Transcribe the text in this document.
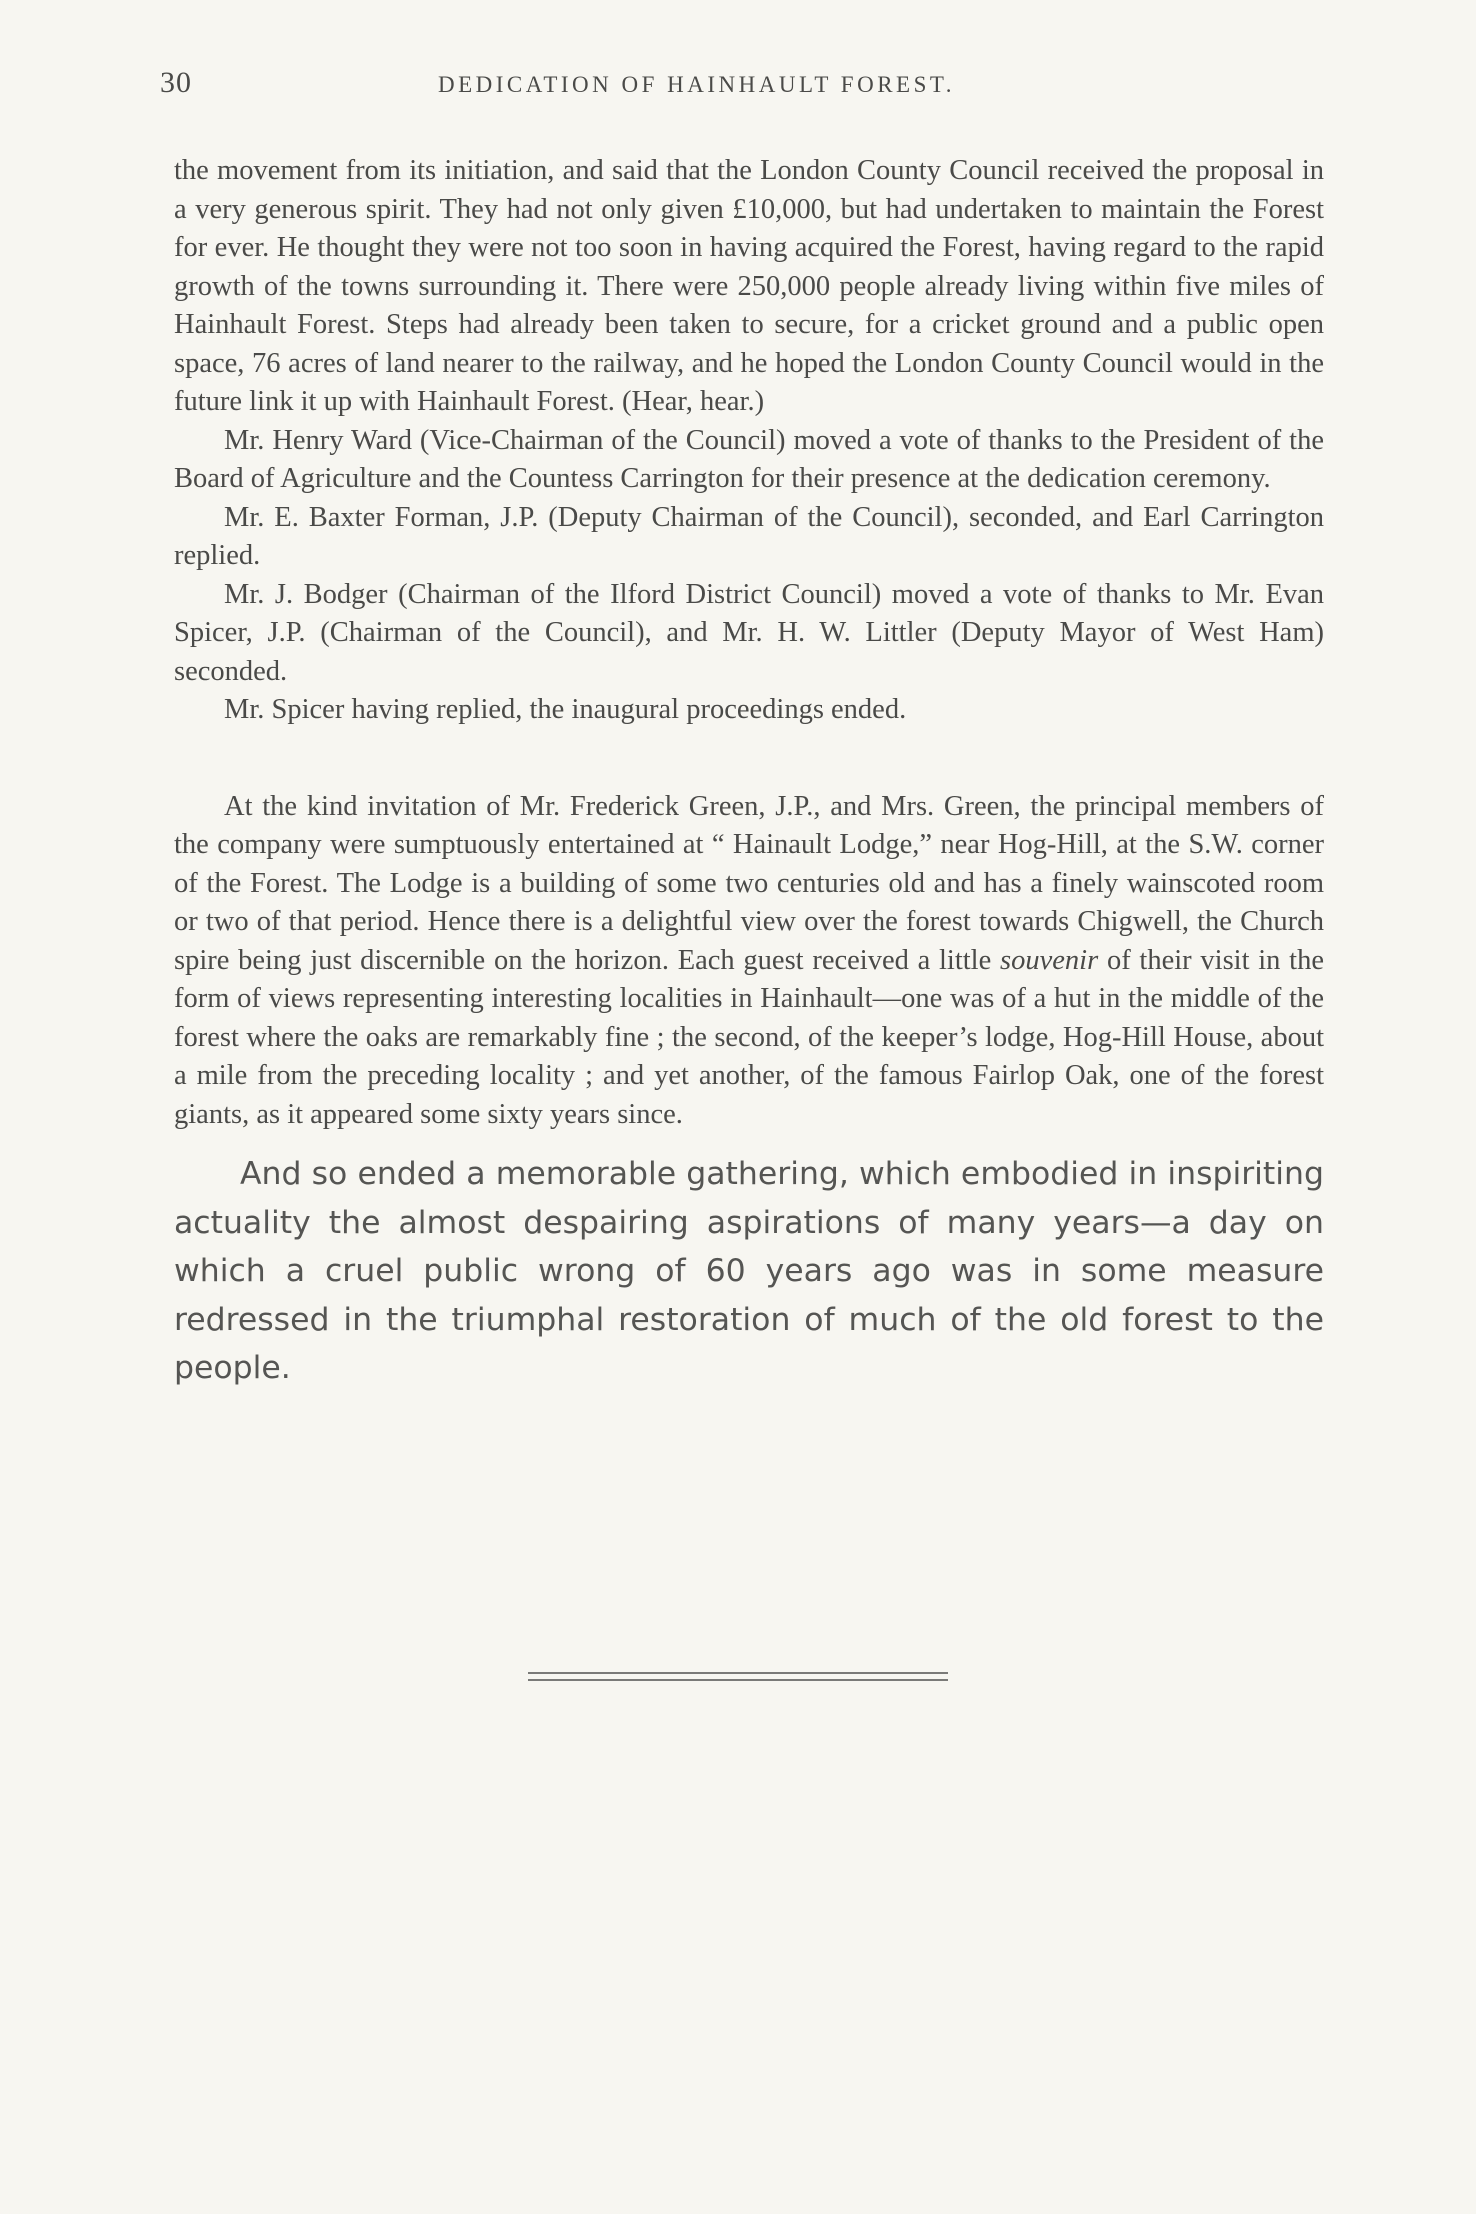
30	DEDICATION OF HAINHAULT FOREST.

the movement from its initiation, and said that the London County Council received the proposal in a very generous spirit. They had not only given £10,000, but had undertaken to maintain the Forest for ever. He thought they were not too soon in having acquired the Forest, having regard to the rapid growth of the towns surrounding it. There were 250,000 people already living within five miles of Hainhault Forest. Steps had already been taken to secure, for a cricket ground and a public open space, 76 acres of land nearer to the railway, and he hoped the London County Council would in the future link it up with Hainhault Forest. (Hear, hear.)

Mr. Henry Ward (Vice-Chairman of the Council) moved a vote of thanks to the President of the Board of Agriculture and the Countess Carrington for their presence at the dedication ceremony.

Mr. E. Baxter Forman, J.P. (Deputy Chairman of the Council), seconded, and Earl Carrington replied.

Mr. J. Bodger (Chairman of the Ilford District Council) moved a vote of thanks to Mr. Evan Spicer, J.P. (Chairman of the Council), and Mr. H. W. Littler (Deputy Mayor of West Ham) seconded.

Mr. Spicer having replied, the inaugural proceedings ended.

At the kind invitation of Mr. Frederick Green, J.P., and Mrs. Green, the principal members of the company were sumptuously entertained at “ Hainault Lodge,” near Hog-Hill, at the S.W. corner of the Forest. The Lodge is a building of some two centuries old and has a finely wainscoted room or two of that period. Hence there is a delightful view over the forest towards Chigwell, the Church spire being just discernible on the horizon. Each guest received a little souvenir of their visit in the form of views representing interesting localities in Hainhault—one was of a hut in the middle of the forest where the oaks are remarkably fine ; the second, of the keeper’s lodge, Hog-Hill House, about a mile from the preceding locality ; and yet another, of the famous Fairlop Oak, one of the forest giants, as it appeared some sixty years since.

And so ended a memorable gathering, which embodied in inspiriting actuality the almost despairing aspirations of many years—a day on which a cruel public wrong of 60 years ago was in some measure redressed in the triumphal restoration of much of the old forest to the people.
